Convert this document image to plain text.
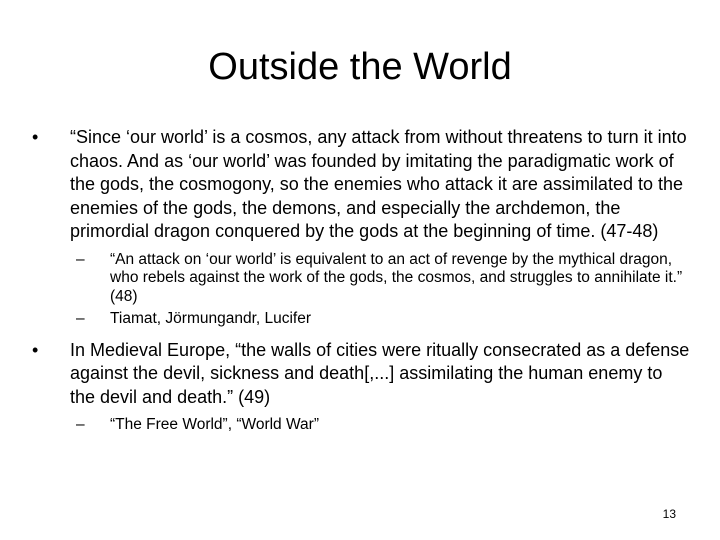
Outside the World
• “Since ‘our world’ is a cosmos, any attack from without threatens to turn it into chaos. And as ‘our world’ was founded by imitating the paradigmatic work of the gods, the cosmogony, so the enemies who attack it are assimilated to the enemies of the gods, the demons, and especially the archdemon, the primordial dragon conquered by the gods at the beginning of time. (47-48)
– “An attack on ‘our world’ is equivalent to an act of revenge by the mythical dragon, who rebels against the work of the gods, the cosmos, and struggles to annihilate it.” (48)
– Tiamat, Jörmungandr, Lucifer
• In Medieval Europe, “the walls of cities were ritually consecrated as a defense against the devil, sickness and death[,...] assimilating the human enemy to the devil and death.” (49)
– “The Free World”, “World War”
13
